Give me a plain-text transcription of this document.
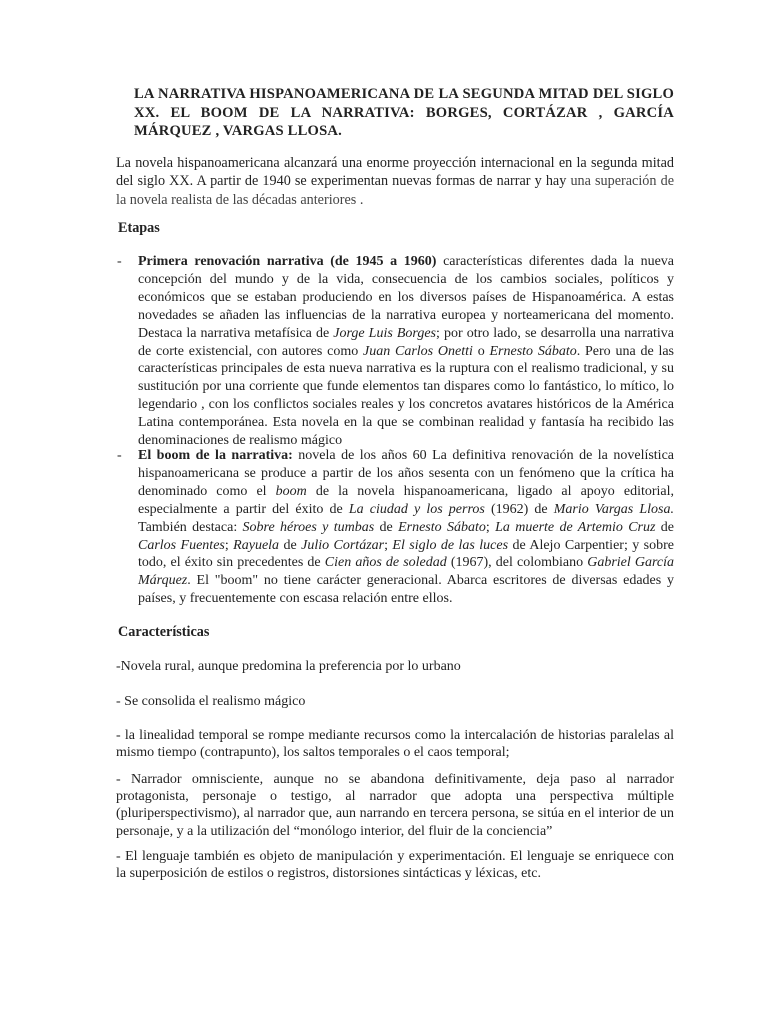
LA NARRATIVA HISPANOAMERICANA DE LA SEGUNDA MITAD DEL SIGLO XX. EL BOOM DE LA NARRATIVA: BORGES, CORTÁZAR , GARCÍA MÁRQUEZ , VARGAS LLOSA.
La novela hispanoamericana alcanzará una enorme proyección internacional en la segunda mitad del siglo XX. A partir de 1940 se experimentan nuevas formas de narrar y hay una superación de la novela realista de las décadas anteriores .
Etapas
- Primera renovación narrativa (de 1945 a 1960) características diferentes dada la nueva concepción del mundo y de la vida, consecuencia de los cambios sociales, políticos y económicos que se estaban produciendo en los diversos países de Hispanoamérica. A estas novedades se añaden las influencias de la narrativa europea y norteamericana del momento. Destaca la narrativa metafísica de Jorge Luis Borges; por otro lado, se desarrolla una narrativa de corte existencial, con autores como Juan Carlos Onetti o Ernesto Sábato. Pero una de las características principales de esta nueva narrativa es la ruptura con el realismo tradicional, y su sustitución por una corriente que funde elementos tan dispares como lo fantástico, lo mítico, lo legendario , con los conflictos sociales reales y los concretos avatares históricos de la América Latina contemporánea. Esta novela en la que se combinan realidad y fantasía ha recibido las denominaciones de realismo mágico
- El boom de la narrativa: novela de los años 60 La definitiva renovación de la novelística hispanoamericana se produce a partir de los años sesenta con un fenómeno que la crítica ha denominado como el boom de la novela hispanoamericana, ligado al apoyo editorial, especialmente a partir del éxito de La ciudad y los perros (1962) de Mario Vargas Llosa. También destaca: Sobre héroes y tumbas de Ernesto Sábato; La muerte de Artemio Cruz de Carlos Fuentes; Rayuela de Julio Cortázar; El siglo de las luces de Alejo Carpentier; y sobre todo, el éxito sin precedentes de Cien años de soledad (1967), del colombiano Gabriel García Márquez. El "boom" no tiene carácter generacional. Abarca escritores de diversas edades y países, y frecuentemente con escasa relación entre ellos.
Características
-Novela rural, aunque predomina la preferencia por lo urbano
- Se consolida el realismo mágico
- la linealidad temporal se rompe mediante recursos como la intercalación de historias paralelas al mismo tiempo (contrapunto), los saltos temporales o el caos temporal;
- Narrador omnisciente, aunque no se abandona definitivamente, deja paso al narrador protagonista, personaje o testigo, al narrador que adopta una perspectiva múltiple (pluriperspectivismo), al narrador que, aun narrando en tercera persona, se sitúa en el interior de un personaje, y a la utilización del “monólogo interior, del fluir de la conciencia”
- El lenguaje también es objeto de manipulación y experimentación. El lenguaje se enriquece con la superposición de estilos o registros, distorsiones sintácticas y léxicas, etc.
